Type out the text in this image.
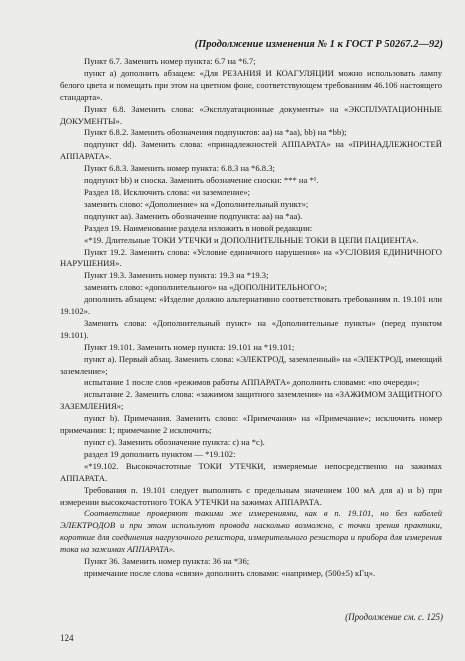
(Продолжение изменения № 1 к ГОСТ Р 50267.2—92)

Пункт 6.7. Заменить номер пункта: 6.7 на *6.7;

пункт а) дополнить абзацем: «Для РЕЗАНИЯ И КОАГУЛЯЦИИ можно использовать лампу белого цвета и помещать при этом на цветном фоне, соответствующем требованиям 46.106 настоящего стандарта».

Пункт 6.8. Заменить слова: «Эксплуатационные документы» на «ЭКСПЛУАТАЦИОННЫЕ ДОКУМЕНТЫ».

Пункт 6.8.2. Заменить обозначения подпунктов: аа) на *аа), bb) на *bb);

подпункт dd). Заменить слова: «принадлежностей АППАРАТА» на «ПРИНАДЛЕЖНОСТЕЙ АППАРАТА».

Пункт 6.8.3. Заменить номер пункта: 6.8.3 на *6.8.3;

подпункт bb) и сноска. Заменить обозначение сноски: *** на *¹.

Раздел 18. Исключить слова: «и заземление»;

заменить слово: «Дополнение» на «Дополнительный пункт»;

подпункт аа). Заменить обозначение подпункта: аа) на *аа).

Раздел 19. Наименование раздела изложить в новой редакции:

«*19. Длительные ТОКИ УТЕЧКИ и ДОПОЛНИТЕЛЬНЫЕ ТОКИ В ЦЕПИ ПАЦИЕНТА».

Пункт 19.2. Заменить слова: «Условие единичного нарушения» на «УСЛОВИЯ ЕДИНИЧНОГО НАРУШЕНИЯ».

Пункт 19.3. Заменить номер пункта: 19.3 на *19.3;

заменить слово: «дополнительного» на «ДОПОЛНИТЕЛЬНОГО»;

дополнить абзацем: «Изделие должно альтернативно соответствовать требованиям п. 19.101 или 19.102».

Заменить слова: «Дополнительный пункт» на «Дополнительные пункты» (перед пунктом 19.101).

Пункт 19.101. Заменить номер пункта: 19.101 на *19.101;

пункт а). Первый абзац. Заменить слова: «ЭЛЕКТРОД, заземленный» на «ЭЛЕКТРОД, имеющий заземление»;

испытание 1 после слов «режимов работы АППАРАТА» дополнить словами: «по очереди»;

испытание 2. Заменить слова: «зажимом защитного заземления» на «ЗАЖИМОМ ЗАЩИТНОГО ЗАЗЕМЛЕНИЯ»;

пункт b). Примечания. Заменить слово: «Примечания» на «Примечание»; исключить номер примечания: 1; примечание 2 исключить;

пункт с). Заменить обозначение пункта: с) на *с).

раздел 19 дополнить пунктом — *19.102:

«*19.102. Высокочастотные ТОКИ УТЕЧКИ, измеряемые непосредственно на зажимах АППАРАТА.

Требования п. 19.101 следует выполнять с предельным значением 100 мА для а) и b) при измерении высокочастотного ТОКА УТЕЧКИ на зажимах АППАРАТА.

Соответствие проверяют такими же измерениями, как в п. 19.101, но без кабелей ЭЛЕКТРОДОВ и при этом используют провода насколько возможно, с точки зрения практики, короткие для соединения нагрузочного резистора, измерительного резистора и прибора для измерения тока на зажимах АППАРАТА».

Пункт 36. Заменить номер пункта: 36 на *36;

примечание после слова «связи» дополнить словами: «например, (500±5) кГц».

(Продолжение см. с. 125)
124
